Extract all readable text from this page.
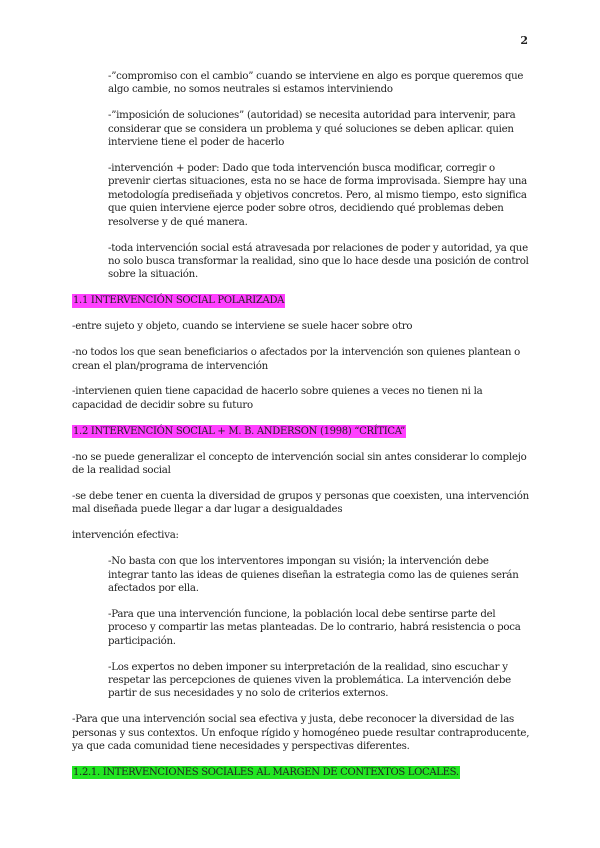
2

-”compromiso con el cambio” cuando se interviene en algo es porque queremos que algo cambie, no somos neutrales si estamos interviniendo

-”imposición de soluciones” (autoridad) se necesita autoridad para intervenir, para considerar que se considera un problema y qué soluciones se deben aplicar. quien interviene tiene el poder de hacerlo

-intervención + poder: Dado que toda intervención busca modificar, corregir o prevenir ciertas situaciones, esta no se hace de forma improvisada. Siempre hay una metodología prediseñada y objetivos concretos. Pero, al mismo tiempo, esto significa que quien interviene ejerce poder sobre otros, decidiendo qué problemas deben resolverse y de qué manera.

-toda intervención social está atravesada por relaciones de poder y autoridad, ya que no solo busca transformar la realidad, sino que lo hace desde una posición de control sobre la situación.

1.1 INTERVENCIÓN SOCIAL POLARIZADA

-entre sujeto y objeto, cuando se interviene se suele hacer sobre otro

-no todos los que sean beneficiarios o afectados por la intervención son quienes plantean o crean el plan/programa de intervención

-intervienen quien tiene capacidad de hacerlo sobre quienes a veces no tienen ni la capacidad de decidir sobre su futuro

1.2 INTERVENCIÓN SOCIAL + M. B. ANDERSON (1998) “CRÍTICA”

-no se puede generalizar el concepto de intervención social sin antes considerar lo complejo de la realidad social

-se debe tener en cuenta la diversidad de grupos y personas que coexisten, una intervención mal diseñada puede llegar a dar lugar a desigualdades

intervención efectiva:

-No basta con que los interventores impongan su visión; la intervención debe integrar tanto las ideas de quienes diseñan la estrategia como las de quienes serán afectados por ella.

-Para que una intervención funcione, la población local debe sentirse parte del proceso y compartir las metas planteadas. De lo contrario, habrá resistencia o poca participación.

-Los expertos no deben imponer su interpretación de la realidad, sino escuchar y respetar las percepciones de quienes viven la problemática. La intervención debe partir de sus necesidades y no solo de criterios externos.

-Para que una intervención social sea efectiva y justa, debe reconocer la diversidad de las personas y sus contextos. Un enfoque rígido y homogéneo puede resultar contraproducente, ya que cada comunidad tiene necesidades y perspectivas diferentes.

1.2.1. INTERVENCIONES SOCIALES AL MARGEN DE CONTEXTOS LOCALES.
